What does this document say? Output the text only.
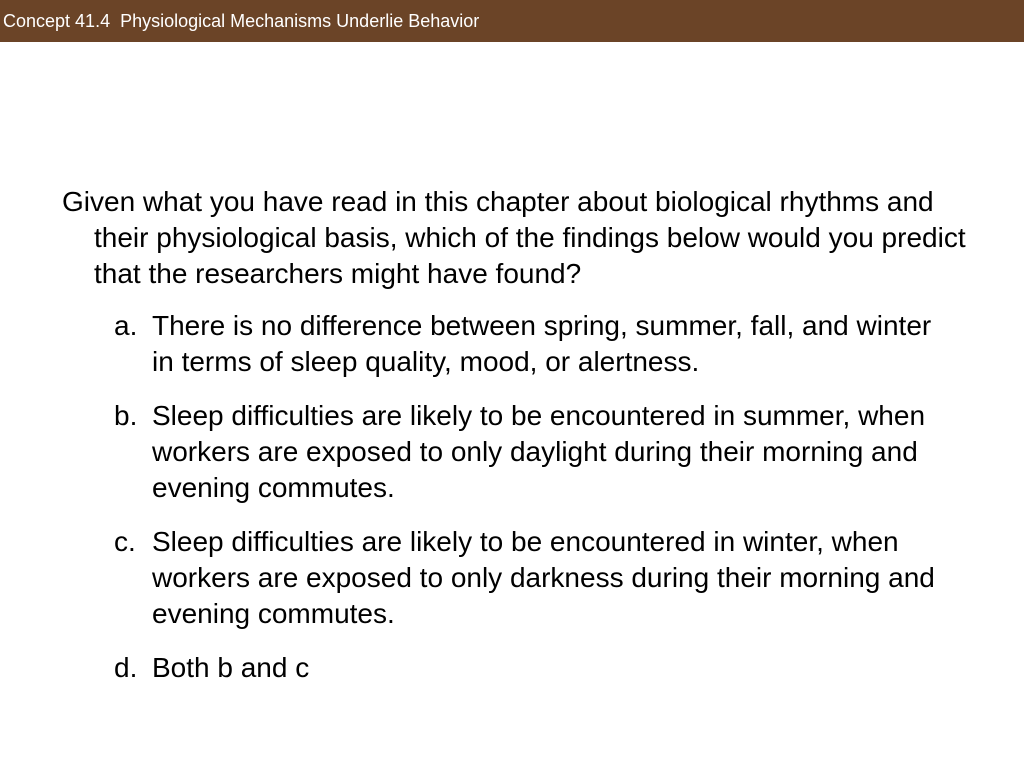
Concept 41.4  Physiological Mechanisms Underlie Behavior

Given what you have read in this chapter about biological rhythms and their physiological basis, which of the findings below would you predict that the researchers might have found?

a. There is no difference between spring, summer, fall, and winter in terms of sleep quality, mood, or alertness.
b. Sleep difficulties are likely to be encountered in summer, when workers are exposed to only daylight during their morning and evening commutes.
c. Sleep difficulties are likely to be encountered in winter, when workers are exposed to only darkness during their morning and evening commutes.
d. Both b and c
